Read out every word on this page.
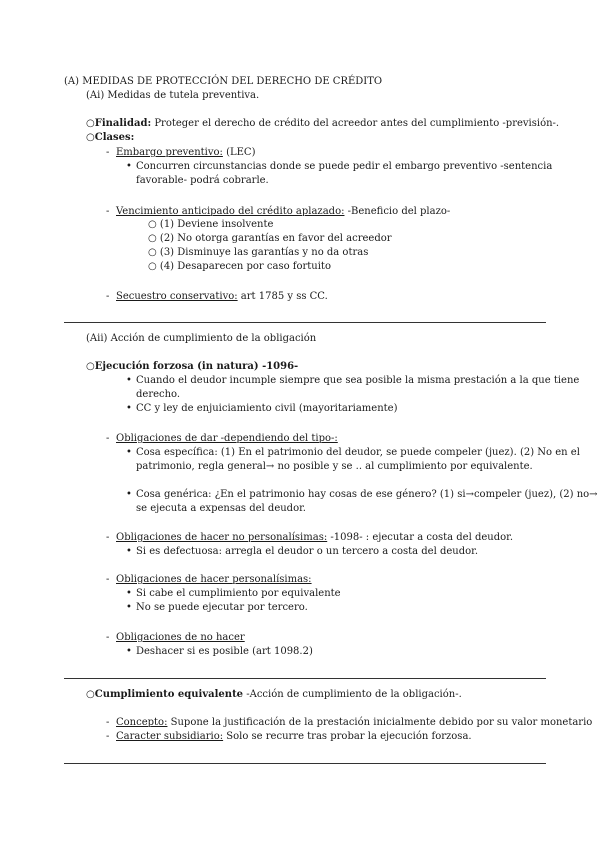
(A) MEDIDAS DE PROTECCIÓN DEL DERECHO DE CRÉDITO
(Ai) Medidas de tutela preventiva.
○Finalidad: Proteger el derecho de crédito del acreedor antes del cumplimiento -previsión-.
○Clases:
- Embargo preventivo: (LEC)
• Concurren circunstancias donde se puede pedir el embargo preventivo -sentencia
favorable- podrá cobrarle.
- Vencimiento anticipado del crédito aplazado: -Beneficio del plazo-
○ (1) Deviene insolvente
○ (2) No otorga garantías en favor del acreedor
○ (3) Disminuye las garantías y no da otras
○ (4) Desaparecen por caso fortuito
- Secuestro conservativo: art 1785 y ss CC.
(Aii) Acción de cumplimiento de la obligación
○Ejecución forzosa (in natura) -1096-
• Cuando el deudor incumple siempre que sea posible la misma prestación a la que tiene
derecho.
• CC y ley de enjuiciamiento civil (mayoritariamente)
- Obligaciones de dar -dependiendo del tipo-:
• Cosa específica: (1) En el patrimonio del deudor, se puede compeler (juez). (2) No en el
patrimonio, regla general→ no posible y se .. al cumplimiento por equivalente.
• Cosa genérica: ¿En el patrimonio hay cosas de ese género? (1) si→compeler (juez), (2) no→
se ejecuta a expensas del deudor.
- Obligaciones de hacer no personalísimas: -1098- : ejecutar a costa del deudor.
• Si es defectuosa: arregla el deudor o un tercero a costa del deudor.
- Obligaciones de hacer personalísimas:
• Si cabe el cumplimiento por equivalente
• No se puede ejecutar por tercero.
- Obligaciones de no hacer
• Deshacer si es posible (art 1098.2)
○Cumplimiento equivalente -Acción de cumplimiento de la obligación-.
- Concepto: Supone la justificación de la prestación inicialmente debido por su valor monetario
- Caracter subsidiario: Solo se recurre tras probar la ejecución forzosa.
